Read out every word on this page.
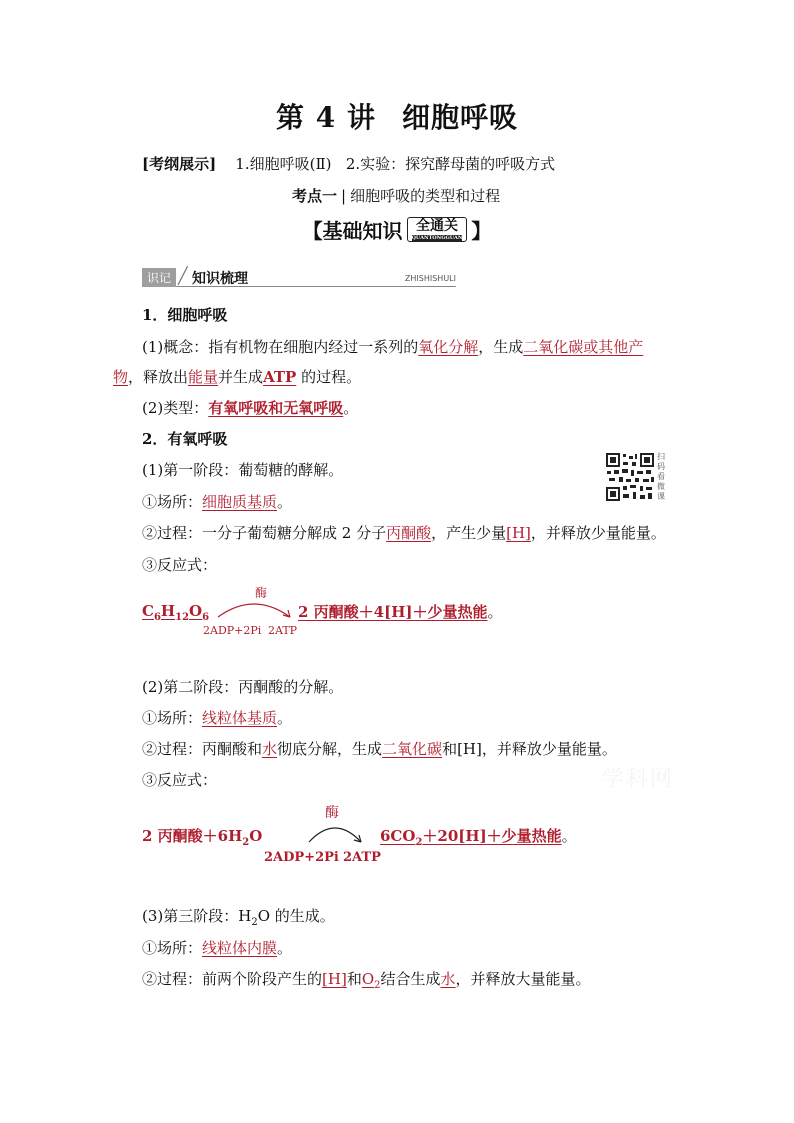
第 4 讲 细胞呼吸
[考纲展示] 1.细胞呼吸(Ⅱ) 2.实验：探究酵母菌的呼吸方式
考点一 | 细胞呼吸的类型和过程
【基础知识 全通关
QUANTONGGUAN 】
识记 ╱ 知识梳理	ZHISHISHULI
1．细胞呼吸
(1)概念：指有机物在细胞内经过一系列的氧化分解，生成二氧化碳或其他产
物，释放出能量并生成ATP 的过程。
(2)类型：有氧呼吸和无氧呼吸。
2．有氧呼吸
(1)第一阶段：葡萄糖的酵解。
扫码看微课
①场所：细胞质基质。
②过程：一分子葡萄糖分解成 2 分子丙酮酸，产生少量[H]，并释放少量能量。
③反应式：
$C_6H_{12}O_6$
酶
2ADP+2Pi 2ATP
2 丙酮酸＋4[H]＋少量热能。
(2)第二阶段：丙酮酸的分解。
①场所：线粒体基质。
②过程：丙酮酸和水彻底分解，生成二氧化碳和[H]，并释放少量能量。
③反应式：	学科网
2 丙酮酸$+6H_2O$
酶
2ADP+2Pi 2ATP
$6CO_2+20[H]+$少量热能。
(3)第三阶段：$H_2O$ 的生成。
①场所：线粒体内膜。
②过程：前两个阶段产生的[H]和$O_2$结合生成水，并释放大量能量。
